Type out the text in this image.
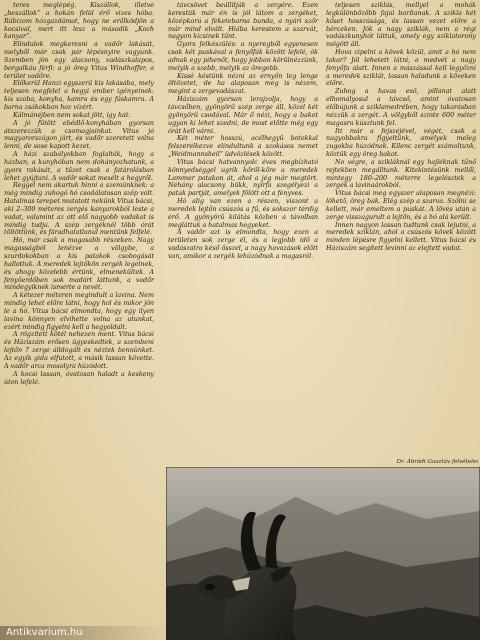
teres meglépég. Kiszállok, illetve „beszállok” a hokán felül érő vizes hóba. Rábizom hózgazdámat, hogy ne erőlködjön a kocsival, mert itt lesz a második „Koch kanyar”.

Elindulok megkeresni a vadőr lakását, melyből már csak pár lépésnyire vagyunk. Szemben jön egy alacsony, vadászkalapos, borgalkáu férfi: a jó öreg Vitus Windhoffer, a terület vadőre.

Előkerül Hanzi egyszerű kis lakásába, mely teljesen megfelel a hegyi ember igényeinek: kis szoba, konyha, kamra és egy fáskamra. A barna zsákokban hoz vízért.

Kálmánéjben nem sokat jött, így hát.

A jó fűtött ebédlő-konyhában gyorsan átszerezzük a csomagjainkat. Vitus jó magyarországon járt, és vadőr szeretett volna lenni, de sose kapott kezet.

A házi szabályokban foglalták, hogy a házban, a kunyhóban nem dohányozhatunk, a gyors rakását, a tűzet csak a fatárolásban lehet gyújtani. A vadőr sokat mesélt a hegyről.

Reggel nem akartuk hinni a szemünknek: a még mindig zuhogó hó csodálatosan szép volt. Hatalmas terepet mutatott nekünk Vitus bácsi, aki 2–300 méteres zergés kanyarokból leste a vadat, valamint az ott elő nagyobb vadakat is mindig tudja. A szép zergéknél több órát töltöttünk, és fáradhatatlanul mentünk felfelé.

Hó, már csak a magasabb részeken. Nagy magasságból lenézve a völgybe, a szurdokokban a kis patakok csobogását hallottuk. A meredek lejtőkön zergék legelnek, és ahogy közelebb értünk, elmenekültek. A fenyőerdőben sok madárt láttunk, a vadőr mindegyiknek ismerte a nevét.

A kétezer méteren megindult a lavina. Nem mindig lehet előre látni, hogy hol és mikor jön le a hó. Vitus bácsi elmondta, hogy egy ilyen lavina könnyen elvihette volna az utunkat, ezért mindig figyelni kell a hegyoldalt.

A rögzített kötél nehezen ment. Vitus bácsi és Háziszám erősen ügyeskedtek, a szembeni lejtőn 7 zerge álldogált és néztek bennünket. Az egyik gida elfutott, a másik lassan követte. A vadőr arca mosolyra húzódott.

A kocsi lassan, óvatosan haladt a keskeny úton lefelé.

távcsövet beállítják a zergére. Ezen kerestük már én is jól látom a zergéket, középkorú a feketebarna bunda, a nyári szőr már mind elvált. Hiába kerestem a szarvát, nagyon kicsinek tűnt.

Gyors felkészülés: a nyeregből egyenesen csak két puskával a fenyőfák között lefelé, ók adnak egy pihenőt, hogy jobban körülnézzünk, melyik a szebb, melyik az öregebb.

Kissé késtünk nézni az ernyőn leg lenge öltözetet, de ha alaposan meg is nézem, megint a zergevadászat.

Háziszám gyorsan lerajzolja, hogy a távcsőben, gyönyörű szép zerge áll, közel két gyönyörű csodával. Már ő nézi, hogy a bakot ugyan ki lehet szedni, de most előtte még egy órát kell várni.

Két méter hosszú, acélhegyű botokkal felszerelkezve elindultunk a szokásos nemet „Weidmannsheil” üdvözlések között.

Vitus bácsi hatvannyolc éves megbízható könnyedséggel ugrik kőről-kőre a meredek Lammer patakon át, ahol a jég már megtört. Néhány alacsony bükk, nyírfa szegélyezi a patak partját, amelyek fölött ott a fenyves.

Hó alig van ezen a részen, viszont a meredek lejtőn csúszós a fű, és sokszor térdig érő. A gyönyörű kilátás közben a távolban megláttuk a hatalmas hegyeket.

A vadőr azt is elmondta, hogy ezen a területen sok zerge él, és a legjobb idő a vadászatra késő ősszel, a nagy havazások előtt van, amikor a zergék lehúzódnak a magasról.

teljesen sziklás, mellyel a mohák legkülönbözőbb fajai borítanak. A szikla két kőset hosszúsága, és lassan vezet előre a bérceken. Jók a nagy sziklák, nem a régi vadászkunyhót láttuk, amely egy sziklatorony mögött áll.

Hova cipelni a kövek közül, amit a hó nem takar? Jól lehetett látni, a medvét a nagy fenyőfa alatt. Innen a mászással kell legyőzni a meredek sziklát, lassan haladunk a köveken előre.

Zuhog a havas eső, pillanat alatt elhomályosul a távcső, amint óvatosan előbújunk a sziklamedrében, hogy takarásban nézzük a zergét. A völgyből szinte 600 méter magasra kúsztunk fel.

Itt már a fejszéjével, végét, csak a nagyobbakra figyeltünk, amelyek meleg zugokba húzódnak. Kilenc zergét számoltunk, köztük egy öreg bakot.

No végre, a szikláknál egy hajléknak tűnő rejtekben megálltunk. Kitekintésünk mellől, mintegy 180–200 méterre legelésztek a zergék a lavinaárokból.

Vitus bácsi meg egyszer alaposan megnézi: löhető, öreg bak. Elég szép a szarva. Szólni se kellett, már emeltem a puskát. A lövés után a zerge visszagurult a lejtőn, és a hó alá került.

Innen nagyon lassan tudtunk csak lejutni, a meredek sziklán, ahol a csúszós kövek között minden lépésre figyelni kellett. Vitus bácsi és Háziszám segített levinni az elejtett vadat.

Dr. Ábrádi Gusztáv felvételei
Antikvarium.hu
